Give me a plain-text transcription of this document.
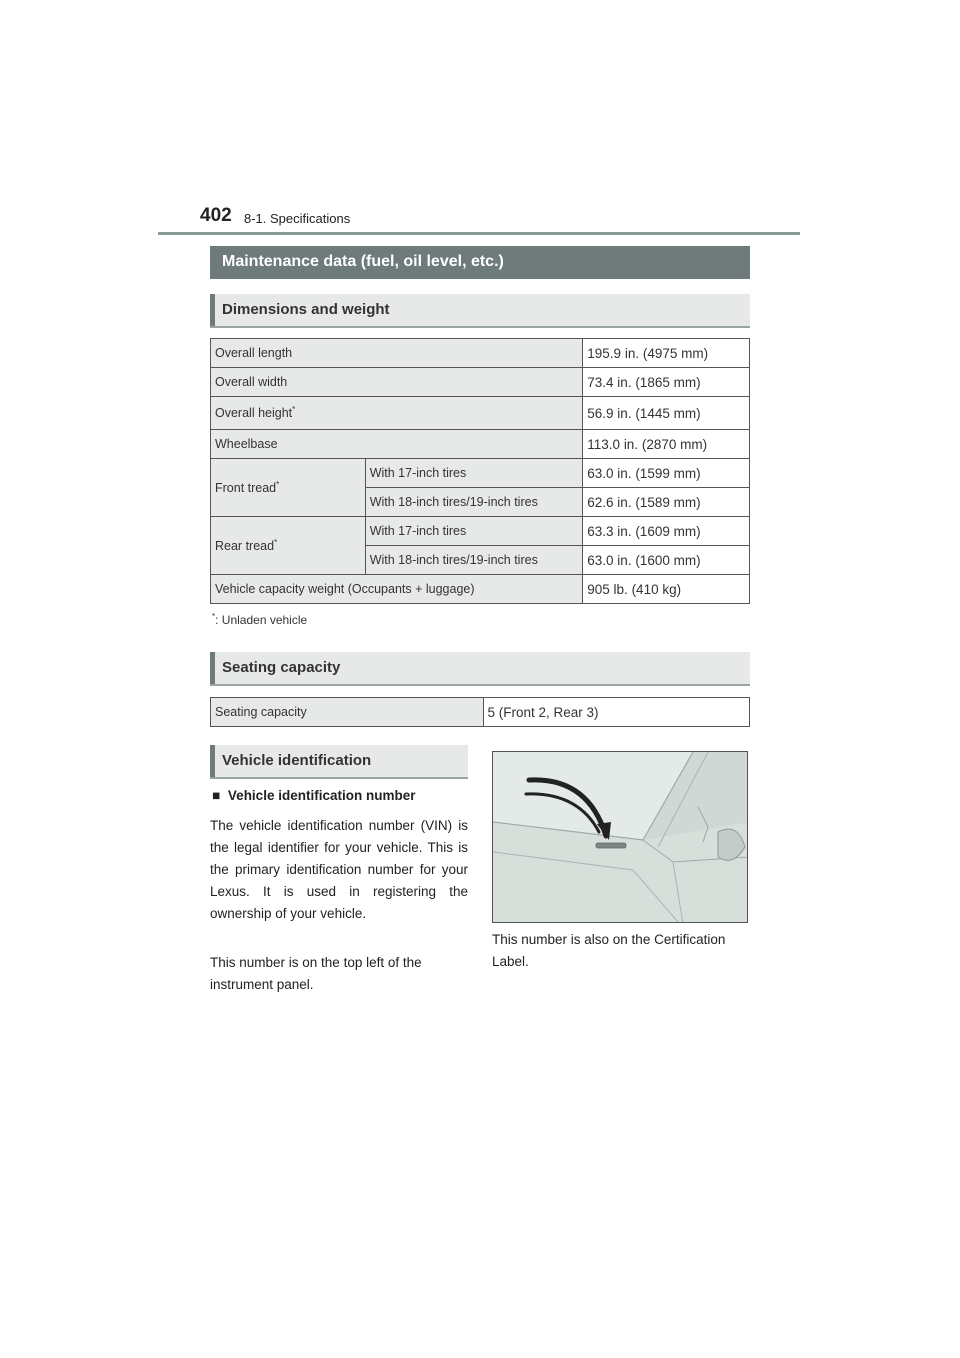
402 8-1. Specifications
Maintenance data (fuel, oil level, etc.)
Dimensions and weight
Overall length		195.9 in. (4975 mm)
Overall width		73.4 in. (1865 mm)
Overall height*		56.9 in. (1445 mm)
Wheelbase		113.0 in. (2870 mm)
Front tread*	With 17-inch tires	63.0 in. (1599 mm)
	With 18-inch tires/19-inch tires	62.6 in. (1589 mm)
Rear tread*	With 17-inch tires	63.3 in. (1609 mm)
	With 18-inch tires/19-inch tires	63.0 in. (1600 mm)
Vehicle capacity weight (Occupants + luggage)		905 lb. (410 kg)
*: Unladen vehicle
Seating capacity
Seating capacity	5 (Front 2, Rear 3)
Vehicle identification
■ Vehicle identification number
The vehicle identification number (VIN) is the legal identifier for your vehicle. This is the primary identification number for your Lexus. It is used in registering the ownership of your vehicle.
This number is on the top left of the instrument panel.
This number is also on the Certification Label.
